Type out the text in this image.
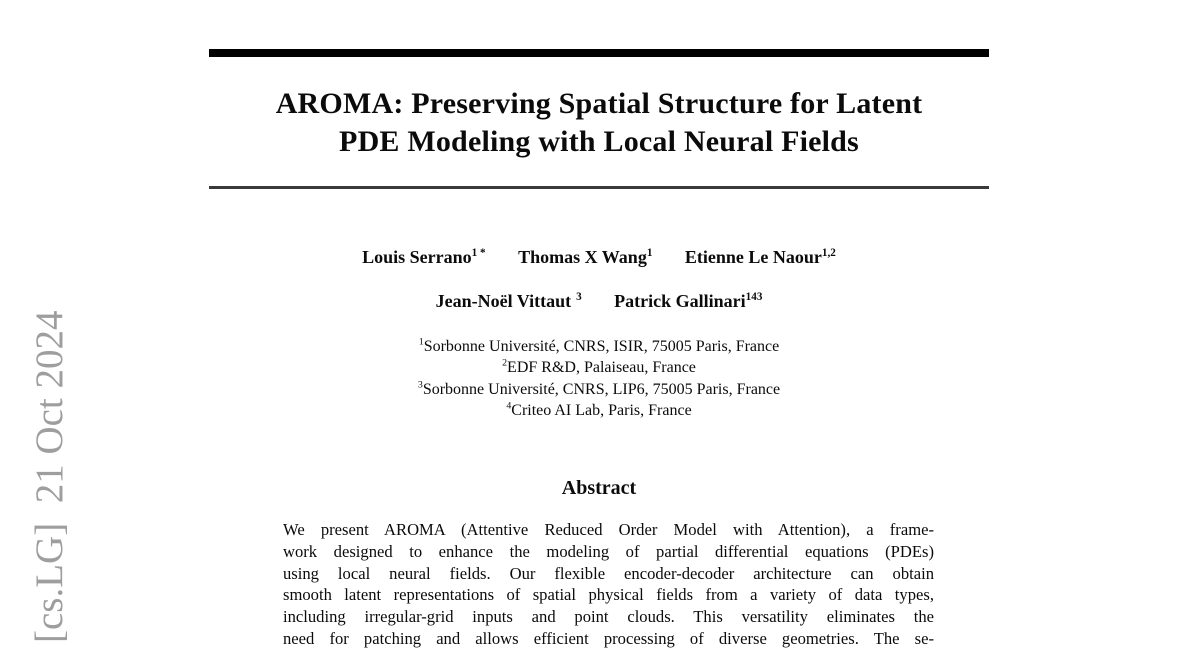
[cs.LG]  21 Oct 2024
AROMA: Preserving Spatial Structure for Latent
PDE Modeling with Local Neural Fields
Louis Serrano$^{1 *}$ Thomas X Wang$^1$ Etienne Le Naour$^{1,2}$
Jean-Noël Vittaut $^3$ Patrick Gallinari$^{143}$
$^1$Sorbonne Université, CNRS, ISIR, 75005 Paris, France
$^2$EDF R&D, Palaiseau, France
$^3$Sorbonne Université, CNRS, LIP6, 75005 Paris, France
$^4$Criteo AI Lab, Paris, France
Abstract
We present AROMA (Attentive Reduced Order Model with Attention), a frame-
work designed to enhance the modeling of partial differential equations (PDEs)
using local neural fields. Our flexible encoder-decoder architecture can obtain
smooth latent representations of spatial physical fields from a variety of data types,
including irregular-grid inputs and point clouds. This versatility eliminates the
need for patching and allows efficient processing of diverse geometries. The se-
